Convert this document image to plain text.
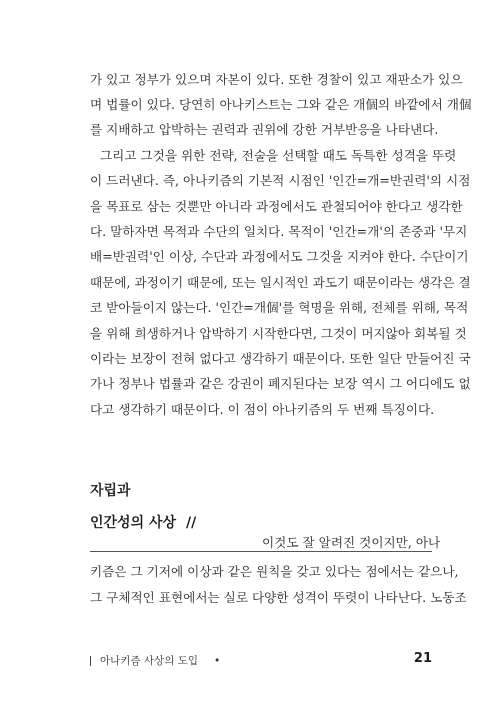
가 있고 정부가 있으며 자본이 있다. 또한 경찰이 있고 재판소가 있으
며 법률이 있다. 당연히 아나키스트는 그와 같은 개個의 바깥에서 개個
를 지배하고 압박하는 권력과 권위에 강한 거부반응을 나타낸다.
그리고 그것을 위한 전략, 전술을 선택할 때도 독특한 성격을 뚜렷
이 드러낸다. 즉, 아나키즘의 기본적 시점인 '인간=개=반권력'의 시점
을 목표로 삼는 것뿐만 아니라 과정에서도 관철되어야 한다고 생각한
다. 말하자면 목적과 수단의 일치다. 목적이 '인간=개'의 존중과 '무지
배=반권력'인 이상, 수단과 과정에서도 그것을 지켜야 한다. 수단이기
때문에, 과정이기 때문에, 또는 일시적인 과도기 때문이라는 생각은 결
코 받아들이지 않는다. '인간=개個'를 혁명을 위해, 전체를 위해, 목적
을 위해 희생하거나 압박하기 시작한다면, 그것이 머지않아 회복될 것
이라는 보장이 전혀 없다고 생각하기 때문이다. 또한 일단 만들어진 국
가나 정부나 법률과 같은 강권이 폐지된다는 보장 역시 그 어디에도 없
다고 생각하기 때문이다. 이 점이 아나키즘의 두 번째 특징이다.
자립과
인간성의 사상 //
이것도 잘 알려진 것이지만, 아나
키즘은 그 기저에 이상과 같은 원칙을 갖고 있다는 점에서는 같으나,
그 구체적인 표현에서는 실로 다양한 성격이 뚜렷이 나타난다. 노동조
아나키즘 사상의 도입 •	21
